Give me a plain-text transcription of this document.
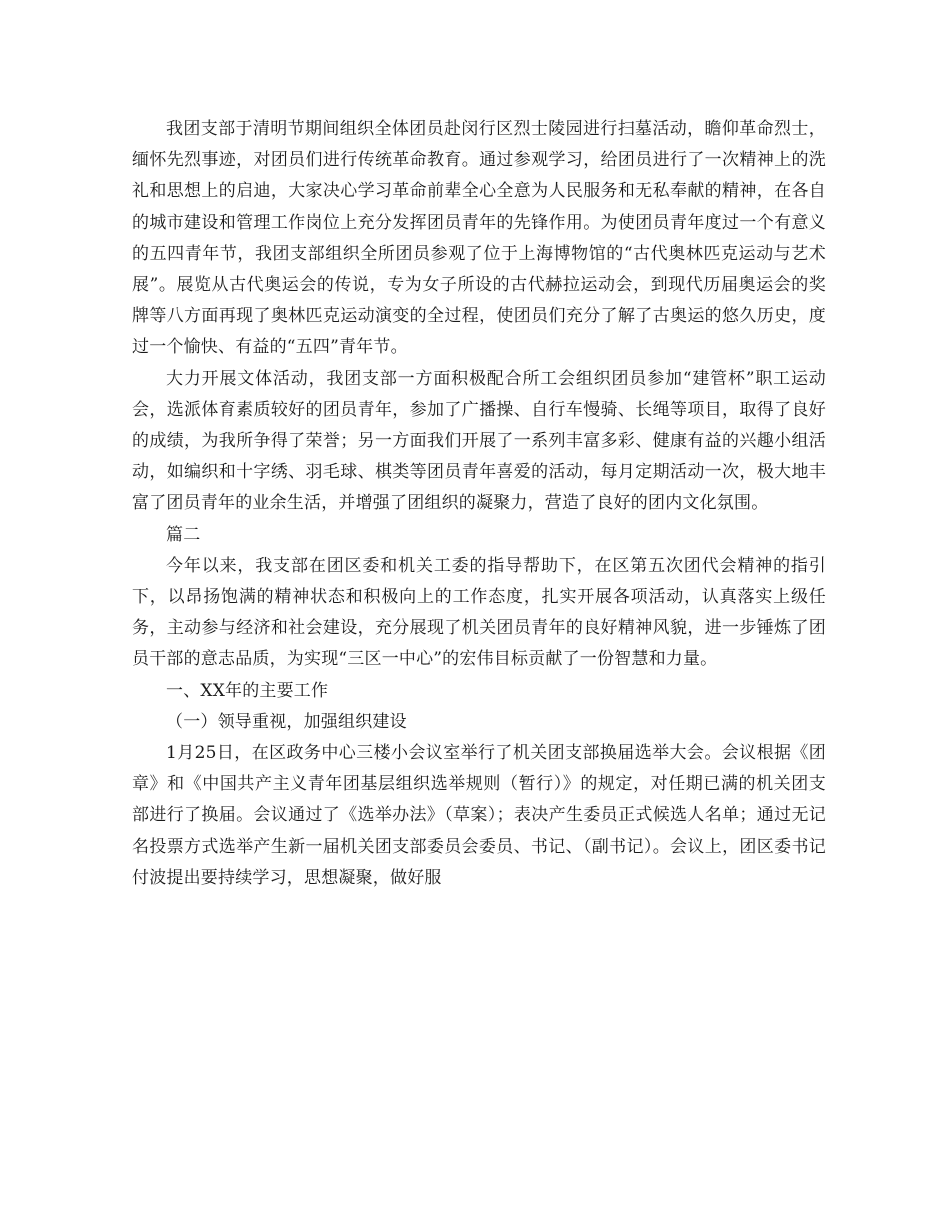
我团支部于清明节期间组织全体团员赴闵行区烈士陵园进行扫墓活动，瞻仰革命烈士，缅怀先烈事迹，对团员们进行传统革命教育。通过参观学习，给团员进行了一次精神上的洗礼和思想上的启迪，大家决心学习革命前辈全心全意为人民服务和无私奉献的精神，在各自的城市建设和管理工作岗位上充分发挥团员青年的先锋作用。为使团员青年度过一个有意义的五四青年节，我团支部组织全所团员参观了位于上海博物馆的“古代奥林匹克运动与艺术展”。展览从古代奥运会的传说，专为女子所设的古代赫拉运动会，到现代历届奥运会的奖牌等八方面再现了奥林匹克运动演变的全过程，使团员们充分了解了古奥运的悠久历史，度过一个愉快、有益的“五四”青年节。

大力开展文体活动，我团支部一方面积极配合所工会组织团员参加“建管杯”职工运动会，选派体育素质较好的团员青年，参加了广播操、自行车慢骑、长绳等项目，取得了良好的成绩，为我所争得了荣誉；另一方面我们开展了一系列丰富多彩、健康有益的兴趣小组活动，如编织和十字绣、羽毛球、棋类等团员青年喜爱的活动，每月定期活动一次，极大地丰富了团员青年的业余生活，并增强了团组织的凝聚力，营造了良好的团内文化氛围。

篇二

今年以来，我支部在团区委和机关工委的指导帮助下，在区第五次团代会精神的指引下，以昂扬饱满的精神状态和积极向上的工作态度，扎实开展各项活动，认真落实上级任务，主动参与经济和社会建设，充分展现了机关团员青年的良好精神风貌，进一步锤炼了团员干部的意志品质，为实现“三区一中心”的宏伟目标贡献了一份智慧和力量。

一、XX年的主要工作

（一）领导重视，加强组织建设

1月25日，在区政务中心三楼小会议室举行了机关团支部换届选举大会。会议根据《团章》和《中国共产主义青年团基层组织选举规则（暂行）》的规定，对任期已满的机关团支部进行了换届。会议通过了《选举办法》（草案）；表决产生委员正式候选人名单；通过无记名投票方式选举产生新一届机关团支部委员会委员、书记、（副书记）。会议上，团区委书记付波提出要持续学习，思想凝聚，做好服
